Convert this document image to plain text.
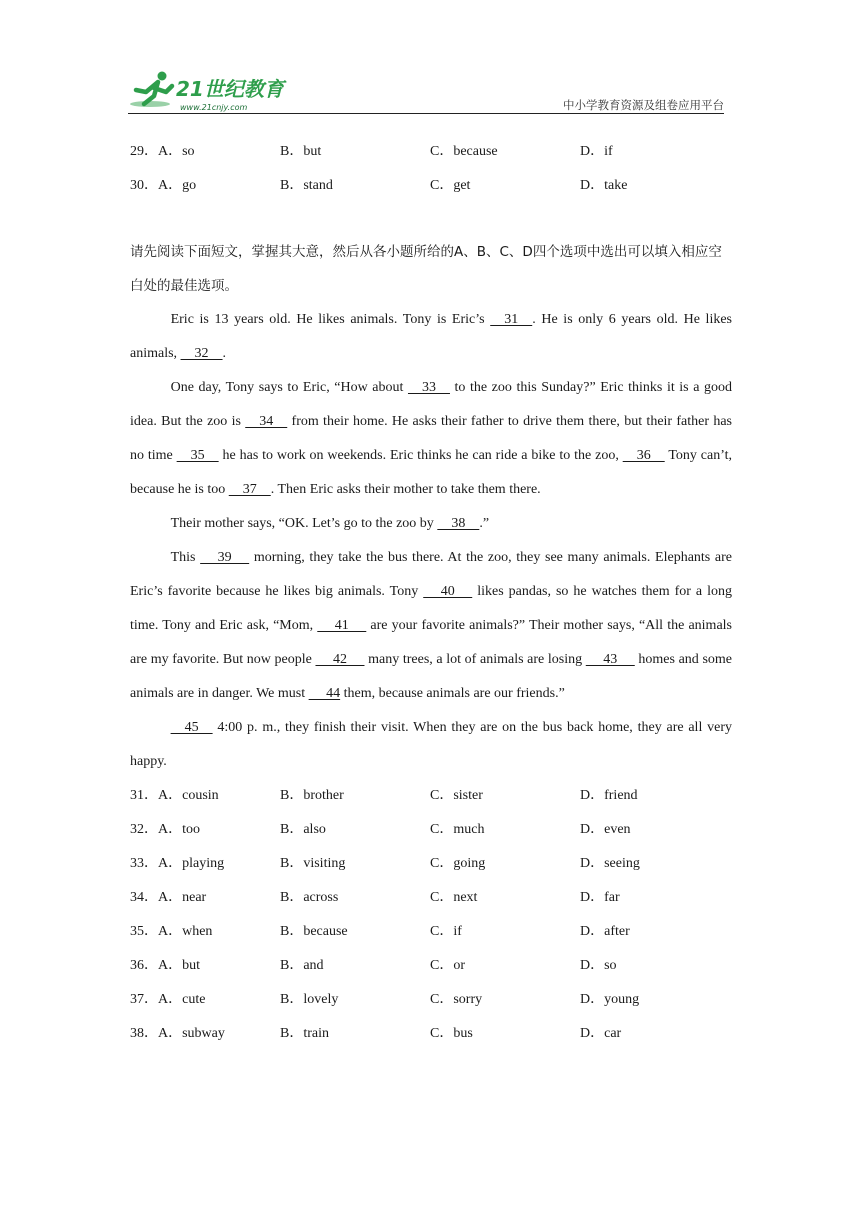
21世纪教育
www.21cnjy.com	中小学教育资源及组卷应用平台
29．A．so	B．but	C．because	D．if
30．A．go	B．stand	C．get	D．take
请先阅读下面短文，掌握其大意，然后从各小题所给的A、B、C、D四个选项中选出可以填入相应空白处的最佳选项。

Eric is 13 years old. He likes animals. Tony is Eric’s     31    . He is only 6 years old. He likes animals,     32    .

One day, Tony says to Eric, “How about     33     to the zoo this Sunday?” Eric thinks it is a good idea. But the zoo is     34     from their home. He asks their father to drive them there, but their father has no time     35     he has to work on weekends. Eric thinks he can ride a bike to the zoo,     36     Tony can’t, because he is too     37    . Then Eric asks their mother to take them there.

Their mother says, “OK. Let’s go to the zoo by     38    .”

This      39      morning, they take the bus there. At the zoo, they see many animals. Elephants are Eric’s favorite because he likes big animals. Tony      40      likes pandas, so he watches them for a long time. Tony and Eric ask, “Mom,      41      are your favorite animals?” Their mother says, “All the animals are my favorite. But now people      42      many trees, a lot of animals are losing      43      homes and some animals are in danger. We must      44 them, because animals are our friends.”

45     4:00 p. m., they finish their visit. When they are on the bus back home, they are all very happy.

31．A．cousin	B．brother	C．sister	D．friend
32．A．too	B．also	C．much	D．even
33．A．playing	B．visiting	C．going	D．seeing
34．A．near	B．across	C．next	D．far
35．A．when	B．because	C．if	D．after
36．A．but	B．and	C．or	D．so
37．A．cute	B．lovely	C．sorry	D．young
38．A．subway	B．train	C．bus	D．car
